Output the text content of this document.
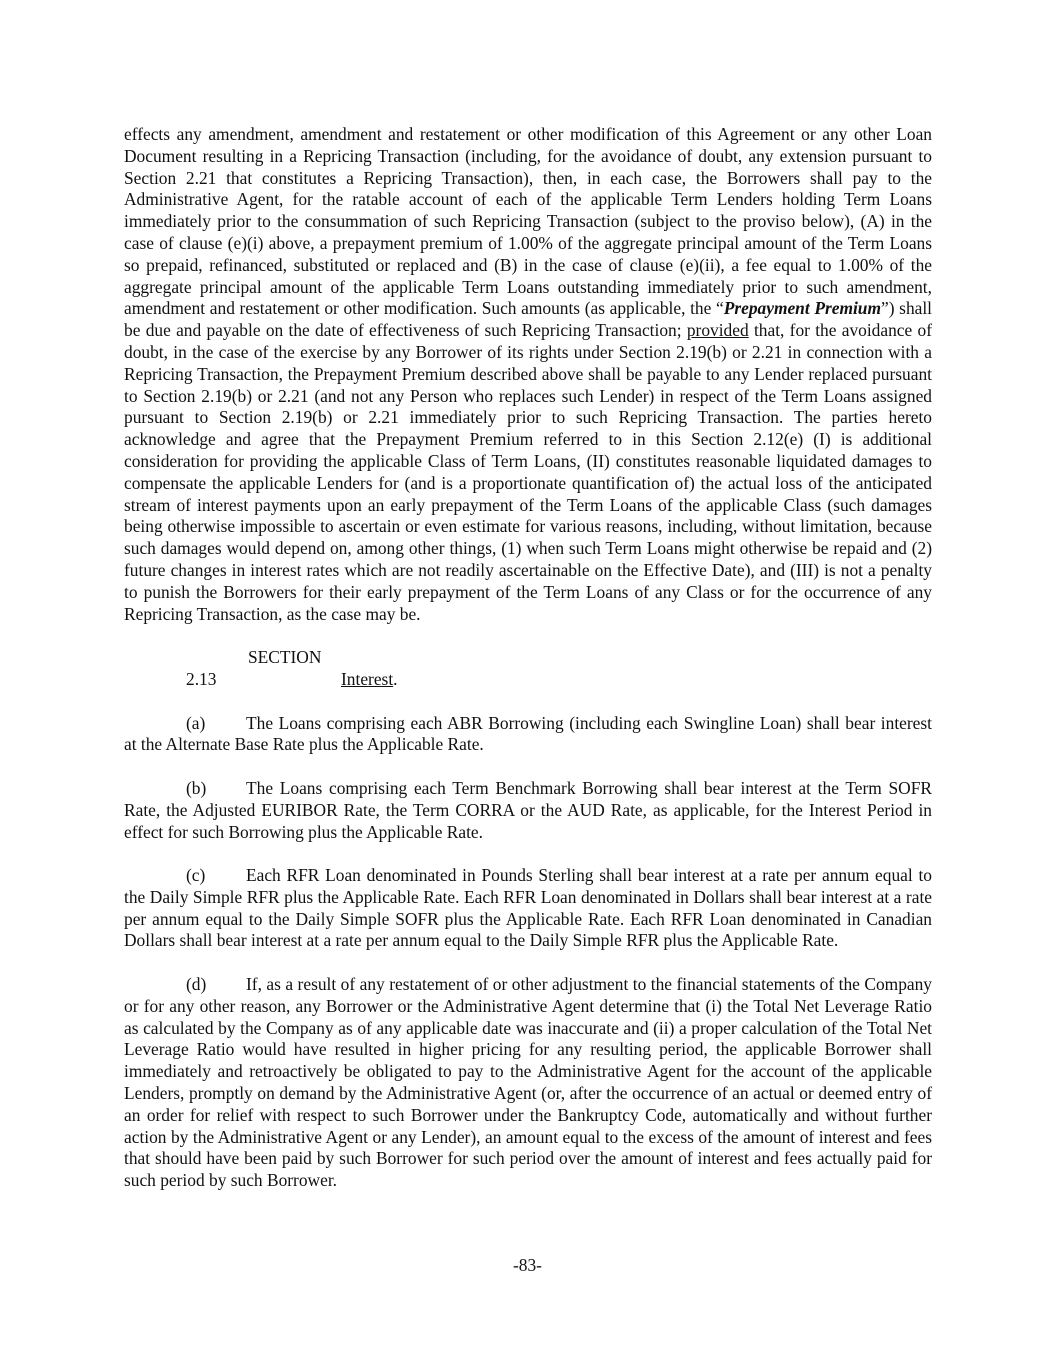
effects any amendment, amendment and restatement or other modification of this Agreement or any other Loan Document resulting in a Repricing Transaction (including, for the avoidance of doubt, any extension pursuant to Section 2.21 that constitutes a Repricing Transaction), then, in each case, the Borrowers shall pay to the Administrative Agent, for the ratable account of each of the applicable Term Lenders holding Term Loans immediately prior to the consummation of such Repricing Transaction (subject to the proviso below), (A) in the case of clause (e)(i) above, a prepayment premium of 1.00% of the aggregate principal amount of the Term Loans so prepaid, refinanced, substituted or replaced and (B) in the case of clause (e)(ii), a fee equal to 1.00% of the aggregate principal amount of the applicable Term Loans outstanding immediately prior to such amendment, amendment and restatement or other modification. Such amounts (as applicable, the “Prepayment Premium”) shall be due and payable on the date of effectiveness of such Repricing Transaction; provided that, for the avoidance of doubt, in the case of the exercise by any Borrower of its rights under Section 2.19(b) or 2.21 in connection with a Repricing Transaction, the Prepayment Premium described above shall be payable to any Lender replaced pursuant to Section 2.19(b) or 2.21 (and not any Person who replaces such Lender) in respect of the Term Loans assigned pursuant to Section 2.19(b) or 2.21 immediately prior to such Repricing Transaction. The parties hereto acknowledge and agree that the Prepayment Premium referred to in this Section 2.12(e) (I) is additional consideration for providing the applicable Class of Term Loans, (II) constitutes reasonable liquidated damages to compensate the applicable Lenders for (and is a proportionate quantification of) the actual loss of the anticipated stream of interest payments upon an early prepayment of the Term Loans of the applicable Class (such damages being otherwise impossible to ascertain or even estimate for various reasons, including, without limitation, because such damages would depend on, among other things, (1) when such Term Loans might otherwise be repaid and (2) future changes in interest rates which are not readily ascertainable on the Effective Date), and (III) is not a penalty to punish the Borrowers for their early prepayment of the Term Loans of any Class or for the occurrence of any Repricing Transaction, as the case may be.

SECTION 2.13	Interest.

(a) The Loans comprising each ABR Borrowing (including each Swingline Loan) shall bear interest at the Alternate Base Rate plus the Applicable Rate.

(b) The Loans comprising each Term Benchmark Borrowing shall bear interest at the Term SOFR Rate, the Adjusted EURIBOR Rate, the Term CORRA or the AUD Rate, as applicable, for the Interest Period in effect for such Borrowing plus the Applicable Rate.

(c) Each RFR Loan denominated in Pounds Sterling shall bear interest at a rate per annum equal to the Daily Simple RFR plus the Applicable Rate. Each RFR Loan denominated in Dollars shall bear interest at a rate per annum equal to the Daily Simple SOFR plus the Applicable Rate. Each RFR Loan denominated in Canadian Dollars shall bear interest at a rate per annum equal to the Daily Simple RFR plus the Applicable Rate.

(d) If, as a result of any restatement of or other adjustment to the financial statements of the Company or for any other reason, any Borrower or the Administrative Agent determine that (i) the Total Net Leverage Ratio as calculated by the Company as of any applicable date was inaccurate and (ii) a proper calculation of the Total Net Leverage Ratio would have resulted in higher pricing for any resulting period, the applicable Borrower shall immediately and retroactively be obligated to pay to the Administrative Agent for the account of the applicable Lenders, promptly on demand by the Administrative Agent (or, after the occurrence of an actual or deemed entry of an order for relief with respect to such Borrower under the Bankruptcy Code, automatically and without further action by the Administrative Agent or any Lender), an amount equal to the excess of the amount of interest and fees that should have been paid by such Borrower for such period over the amount of interest and fees actually paid for such period by such Borrower.

-83-
